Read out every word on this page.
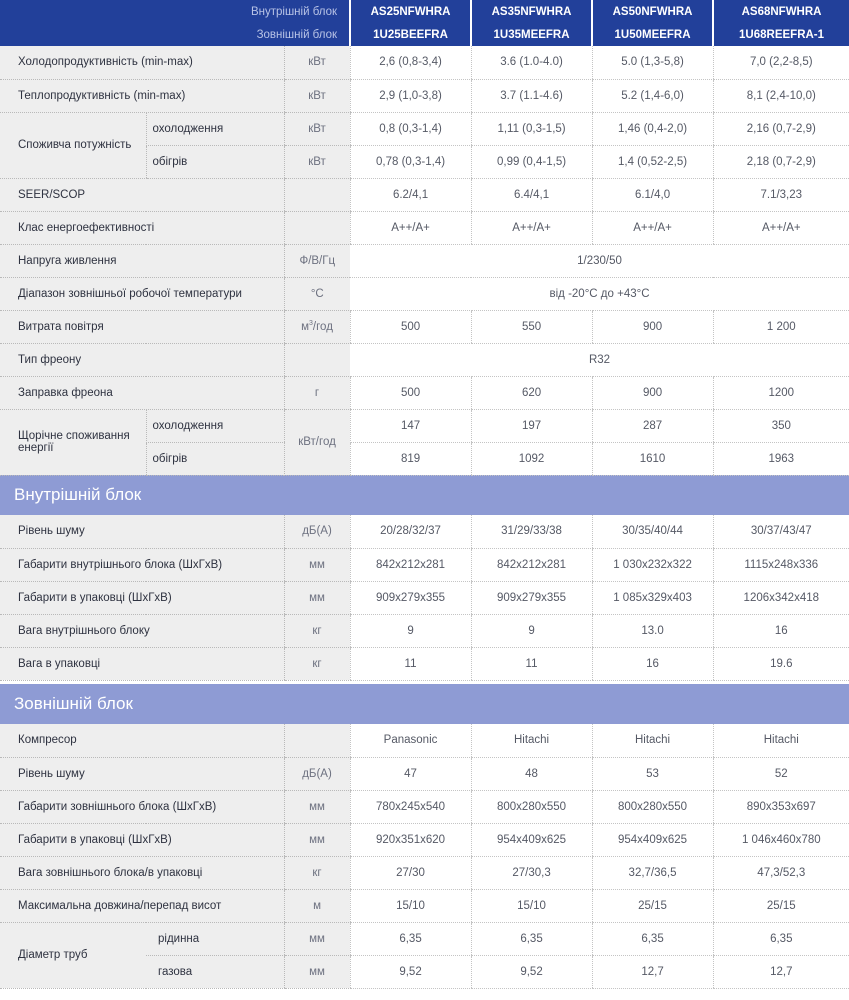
Внутрішній блок			AS25NFWHRA	AS35NFWHRA	AS50NFWHRA	AS68NFWHRA
Зовнішній блок			1U25BEEFRA	1U35MEEFRA	1U50MEEFRA	1U68REEFRA-1
Холодопродуктивність (min-max)		кВт	2,6 (0,8-3,4)	3.6 (1.0-4.0)	5.0 (1,3-5,8)	7,0 (2,2-8,5)
Теплопродуктивність (min-max)		кВт	2,9 (1,0-3,8)	3.7 (1.1-4.6)	5.2 (1,4-6,0)	8,1 (2,4-10,0)
Споживча потужність	охолодження	кВт	0,8 (0,3-1,4)	1,11 (0,3-1,5)	1,46 (0,4-2,0)	2,16 (0,7-2,9)
	обігрів	кВт	0,78 (0,3-1,4)	0,99 (0,4-1,5)	1,4 (0,52-2,5)	2,18 (0,7-2,9)
SEER/SCOP			6.2/4,1	6.4/4,1	6.1/4,0	7.1/3,23
Клас енергоефективності			A++/A+	A++/A+	A++/A+	A++/A+
Напруга живлення		Ф/В/Гц	1/230/50			
Діапазон зовнішньої робочої температури		°C	від -20°C до +43°C			
Витрата повітря		$м^3$/год	500	550	900	1 200
Тип фреону			R32			
Заправка фреона		г	500	620	900	1200
Щорічне споживання енергії	охолодження	кВт/год	147	197	287	350
	обігрів		819	1092	1610	1963
Внутрішній блок						
Рівень шуму		дБ(А)	20/28/32/37	31/29/33/38	30/35/40/44	30/37/43/47
Габарити внутрішнього блока (ШхГхВ)		мм	842x212x281	842x212x281	1 030x232x322	1115x248x336
Габарити в упаковці (ШхГхВ)		мм	909x279x355	909x279x355	1 085x329x403	1206x342x418
Вага внутрішнього блоку		кг	9	9	13.0	16
Вага в упаковці		кг	11	11	16	19.6

Зовнішній блок						
Компресор			Panasonic	Hitachi	Hitachi	Hitachi
Рівень шуму		дБ(А)	47	48	53	52
Габарити зовнішнього блока (ШхГхВ)		мм	780x245x540	800x280x550	800x280x550	890x353x697
Габарити в упаковці (ШхГхВ)		мм	920x351x620	954x409x625	954x409x625	1 046x460x780
Вага зовнішнього блока/в упаковці		кг	27/30	27/30,3	32,7/36,5	47,3/52,3
Максимальна довжина/перепад висот		м	15/10	15/10	25/15	25/15
Діаметр труб	рідинна	мм	6,35	6,35	6,35	6,35
	газова	мм	9,52	9,52	12,7	12,7
